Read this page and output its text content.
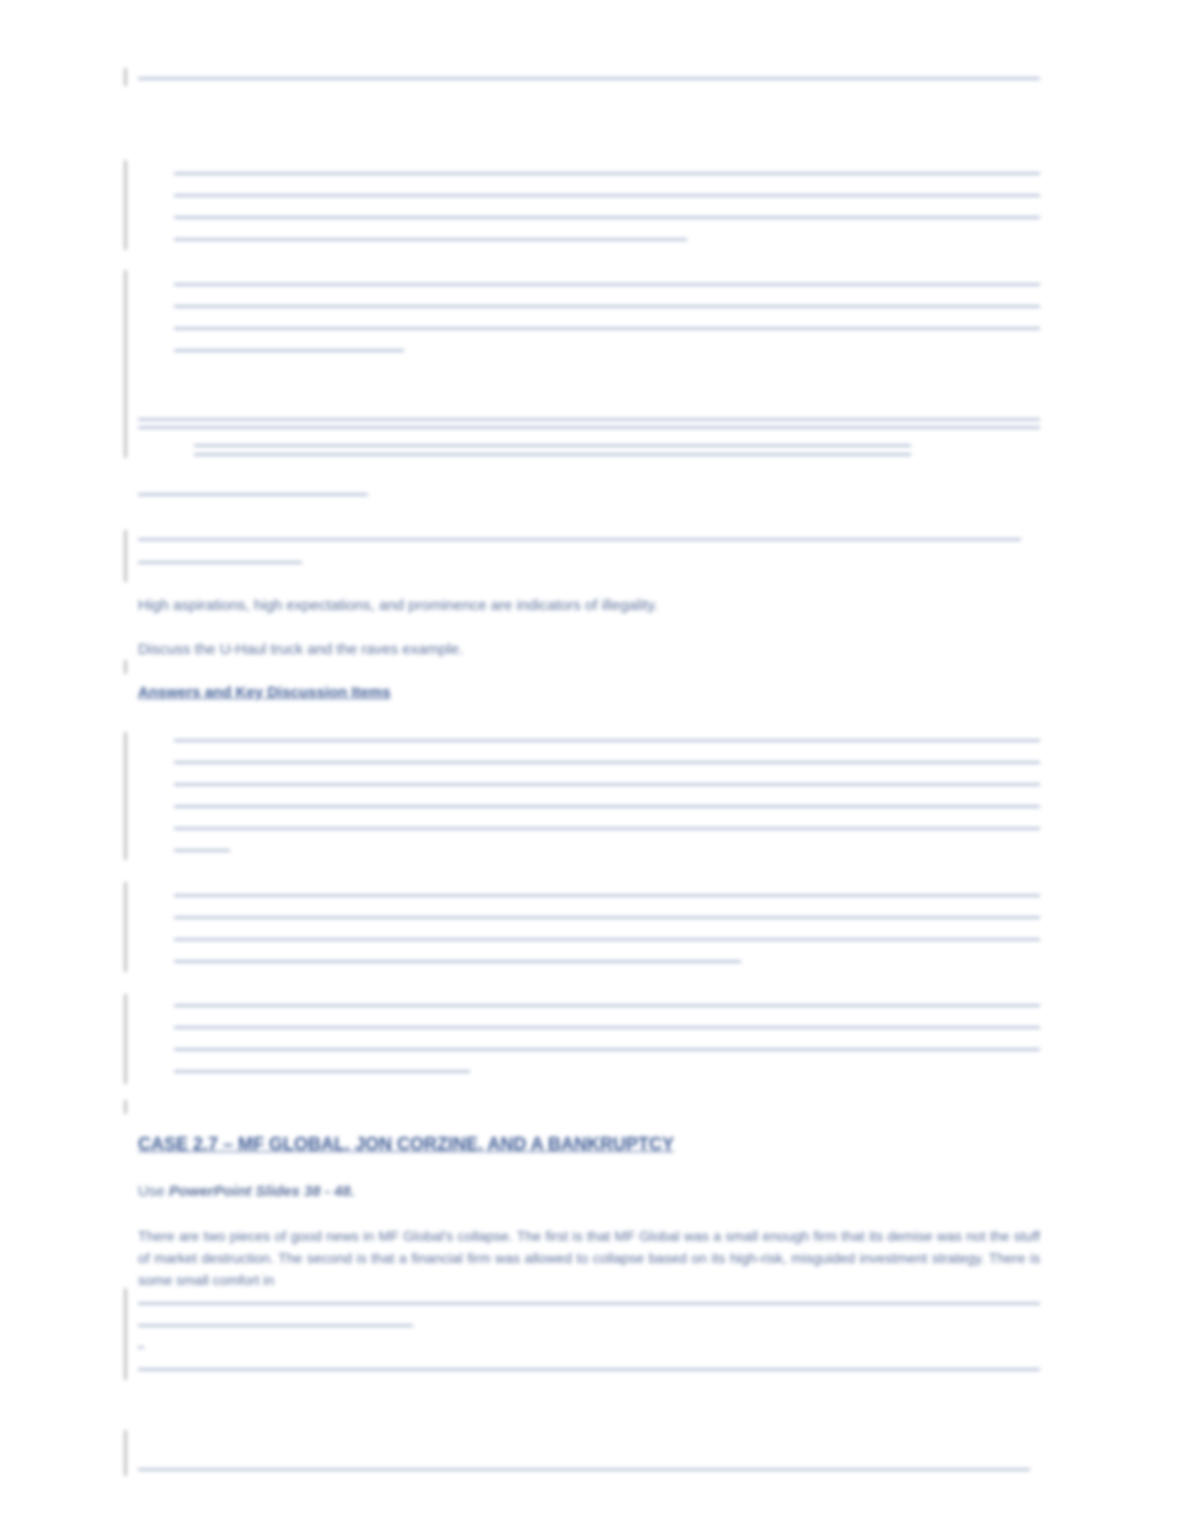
High aspirations, high expectations, and prominence are indicators of illegality.
Discuss the U-Haul truck and the raves example.
Answers and Key Discussion Items
CASE 2.7 – MF GLOBAL, JON CORZINE, AND A BANKRUPTCY
Use PowerPoint Slides 38 - 48.
There are two pieces of good news in MF Global's collapse. The first is that MF Global was a small enough firm that its demise was not the stuff of market destruction. The second is that a financial firm was allowed to collapse based on its high-risk, misguided investment strategy. There is some small comfort in
